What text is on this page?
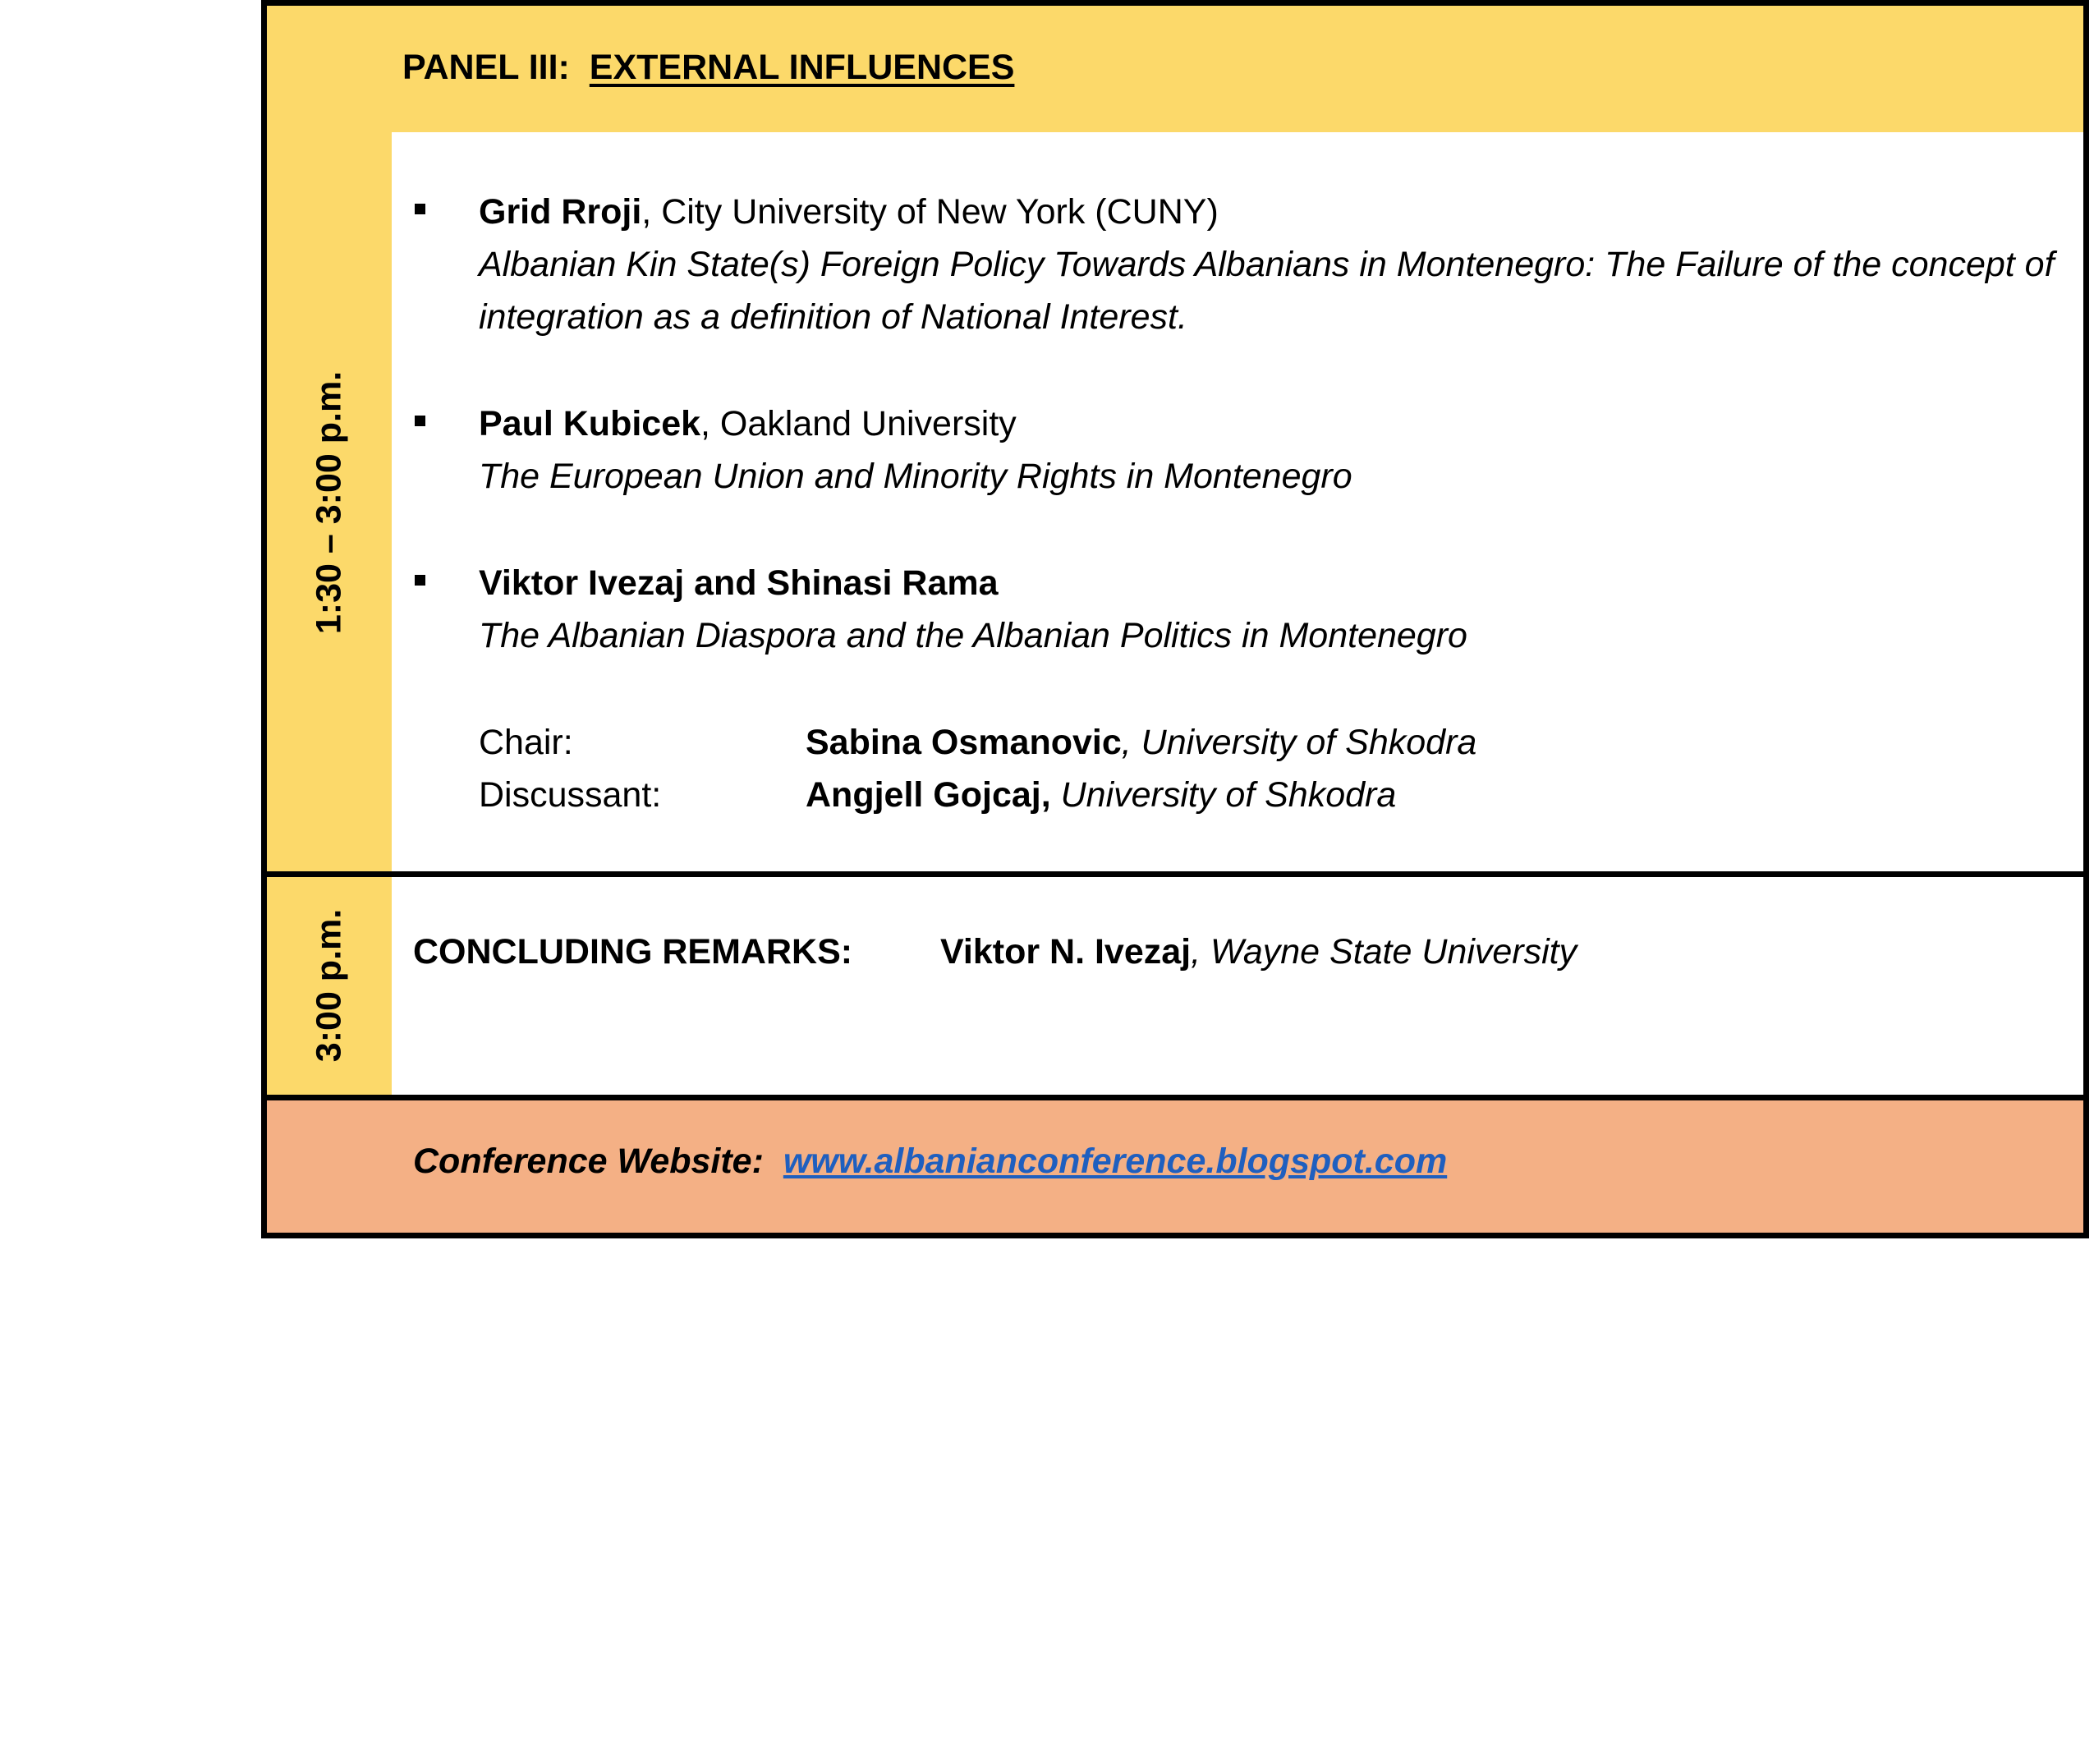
PANEL III: EXTERNAL INFLUENCES
1:30 – 3:00 p.m.
Grid Rroji, City University of New York (CUNY)
Albanian Kin State(s) Foreign Policy Towards Albanians in Montenegro: The Failure of the concept of integration as a definition of National Interest.
Paul Kubicek, Oakland University
The European Union and Minority Rights in Montenegro
Viktor Ivezaj and Shinasi Rama
The Albanian Diaspora and the Albanian Politics in Montenegro
Chair:	Sabina Osmanovic, University of Shkodra
Discussant:	Angjell Gojcaj, University of Shkodra
3:00 p.m. CONCLUDING REMARKS: Viktor N. Ivezaj, Wayne State University
Conference Website: www.albanianconference.blogspot.com
